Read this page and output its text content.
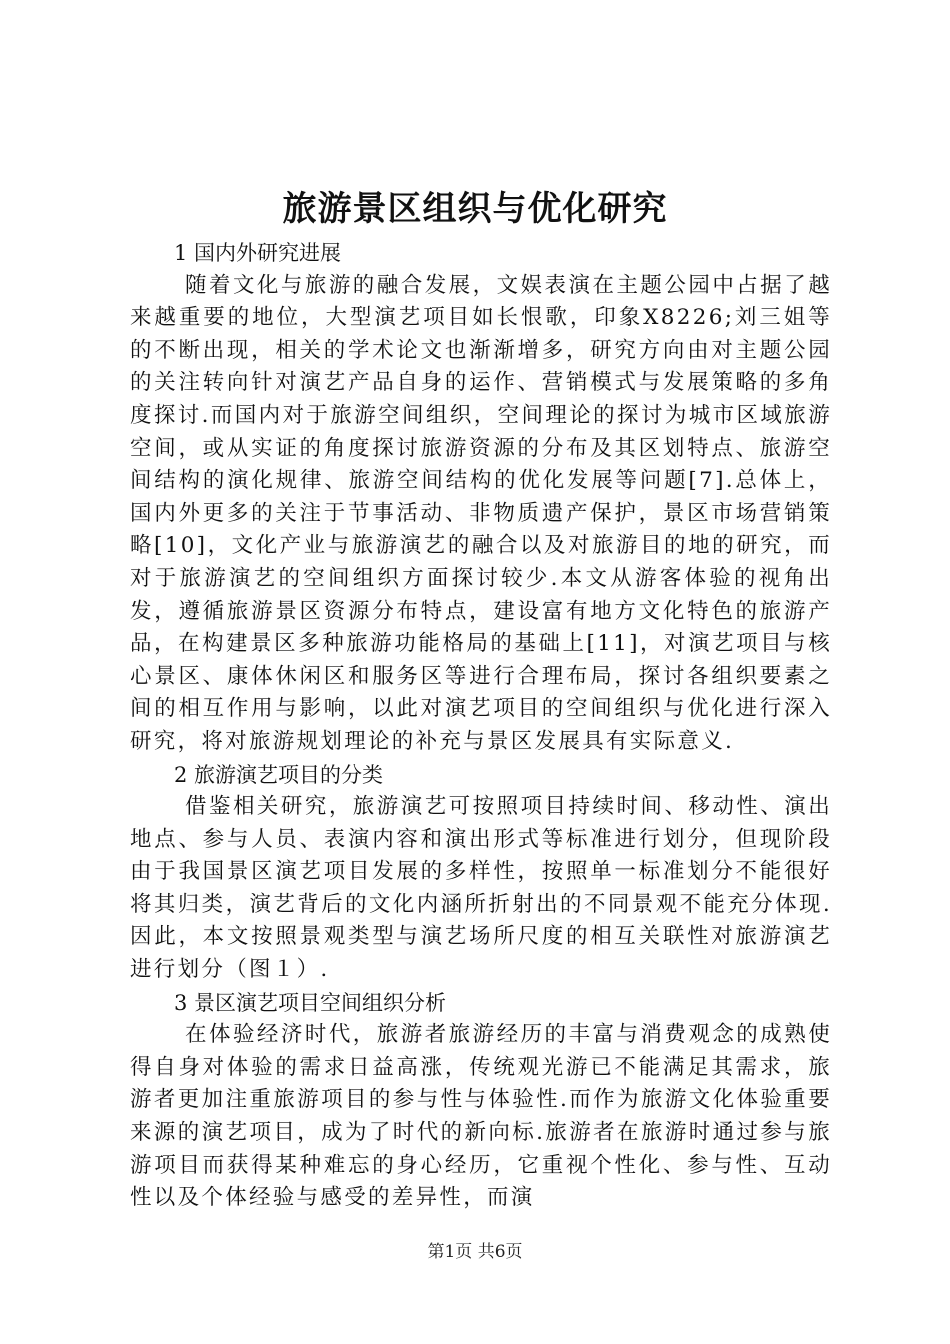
旅游景区组织与优化研究

1 国内外研究进展

随着文化与旅游的融合发展，文娱表演在主题公园中占据了越来越重要的地位，大型演艺项目如长恨歌，印象X8226;刘三姐等的不断出现，相关的学术论文也渐渐增多，研究方向由对主题公园的关注转向针对演艺产品自身的运作、营销模式与发展策略的多角度探讨.而国内对于旅游空间组织，空间理论的探讨为城市区域旅游空间，或从实证的角度探讨旅游资源的分布及其区划特点、旅游空间结构的演化规律、旅游空间结构的优化发展等问题[7].总体上，国内外更多的关注于节事活动、非物质遗产保护，景区市场营销策略[10]，文化产业与旅游演艺的融合以及对旅游目的地的研究，而对于旅游演艺的空间组织方面探讨较少.本文从游客体验的视角出发，遵循旅游景区资源分布特点，建设富有地方文化特色的旅游产品，在构建景区多种旅游功能格局的基础上[11]，对演艺项目与核心景区、康体休闲区和服务区等进行合理布局，探讨各组织要素之间的相互作用与影响，以此对演艺项目的空间组织与优化进行深入研究，将对旅游规划理论的补充与景区发展具有实际意义.

2 旅游演艺项目的分类

借鉴相关研究，旅游演艺可按照项目持续时间、移动性、演出地点、参与人员、表演内容和演出形式等标准进行划分，但现阶段由于我国景区演艺项目发展的多样性，按照单一标准划分不能很好将其归类，演艺背后的文化内涵所折射出的不同景观不能充分体现.因此，本文按照景观类型与演艺场所尺度的相互关联性对旅游演艺进行划分（图１）.

3 景区演艺项目空间组织分析

在体验经济时代，旅游者旅游经历的丰富与消费观念的成熟使得自身对体验的需求日益高涨，传统观光游已不能满足其需求，旅游者更加注重旅游项目的参与性与体验性.而作为旅游文化体验重要来源的演艺项目，成为了时代的新向标.旅游者在旅游时通过参与旅游项目而获得某种难忘的身心经历，它重视个性化、参与性、互动性以及个体经验与感受的差异性，而演

第1页 共6页
